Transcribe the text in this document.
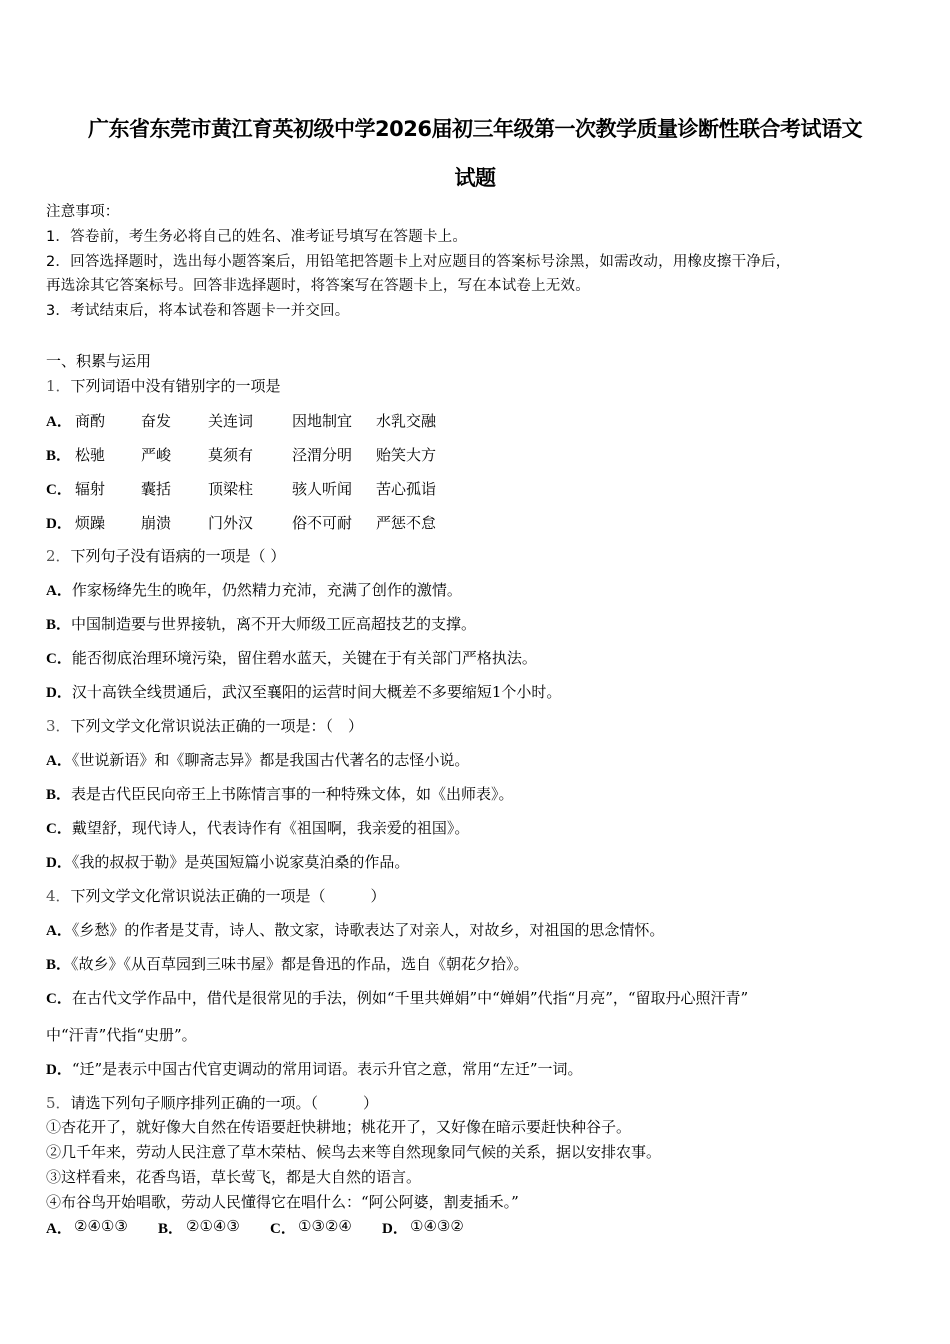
广东省东莞市黄江育英初级中学2026届初三年级第一次教学质量诊断性联合考试语文
试题
注意事项：
1．答卷前，考生务必将自己的姓名、准考证号填写在答题卡上。
2．回答选择题时，选出每小题答案后，用铅笔把答题卡上对应题目的答案标号涂黑，如需改动，用橡皮擦干净后，
再选涂其它答案标号。回答非选择题时，将答案写在答题卡上，写在本试卷上无效。
3．考试结束后，将本试卷和答题卡一并交回。
一、积累与运用
1．下列词语中没有错别字的一项是
A． 商酌 奋发 关连词	因地制宜 水乳交融
B． 松驰 严峻 莫须有	泾渭分明 贻笑大方
C． 辐射 囊括 顶梁柱	骇人听闻 苦心孤诣
D． 烦躁 崩溃 门外汉	俗不可耐 严惩不怠
2．下列句子没有语病的一项是（ ）
A．作家杨绛先生的晚年，仍然精力充沛，充满了创作的激情。
B．中国制造要与世界接轨，离不开大师级工匠高超技艺的支撑。
C．能否彻底治理环境污染，留住碧水蓝天，关键在于有关部门严格执法。
D．汉十高铁全线贯通后，武汉至襄阳的运营时间大概差不多要缩短1个小时。
3．下列文学文化常识说法正确的一项是：（　）
A．《世说新语》和《聊斋志异》都是我国古代著名的志怪小说。
B．表是古代臣民向帝王上书陈情言事的一种特殊文体，如《出师表》。
C．戴望舒，现代诗人，代表诗作有《祖国啊，我亲爱的祖国》。
D．《我的叔叔于勒》是英国短篇小说家莫泊桑的作品。
4．下列文学文化常识说法正确的一项是（　　　）
A．《乡愁》的作者是艾青，诗人、散文家，诗歌表达了对亲人，对故乡，对祖国的思念情怀。
B．《故乡》《从百草园到三味书屋》都是鲁迅的作品，选自《朝花夕拾》。
C．在古代文学作品中，借代是很常见的手法，例如“千里共婵娟”中“婵娟”代指“月亮”，“留取丹心照汗青”
中“汗青”代指“史册”。
D．“迁”是表示中国古代官吏调动的常用词语。表示升官之意，常用“左迁”一词。
5．请选下列句子顺序排列正确的一项。（　　　）
①杏花开了，就好像大自然在传语要赶快耕地；桃花开了，又好像在暗示要赶快种谷子。
②几千年来，劳动人民注意了草木荣枯、候鸟去来等自然现象同气候的关系，据以安排农事。
③这样看来，花香鸟语，草长莺飞，都是大自然的语言。
④布谷鸟开始唱歌，劳动人民懂得它在唱什么：“阿公阿婆，割麦插禾。”
A． ②④①③ B． ②①④③ C． ①③②④ D． ①④③②
